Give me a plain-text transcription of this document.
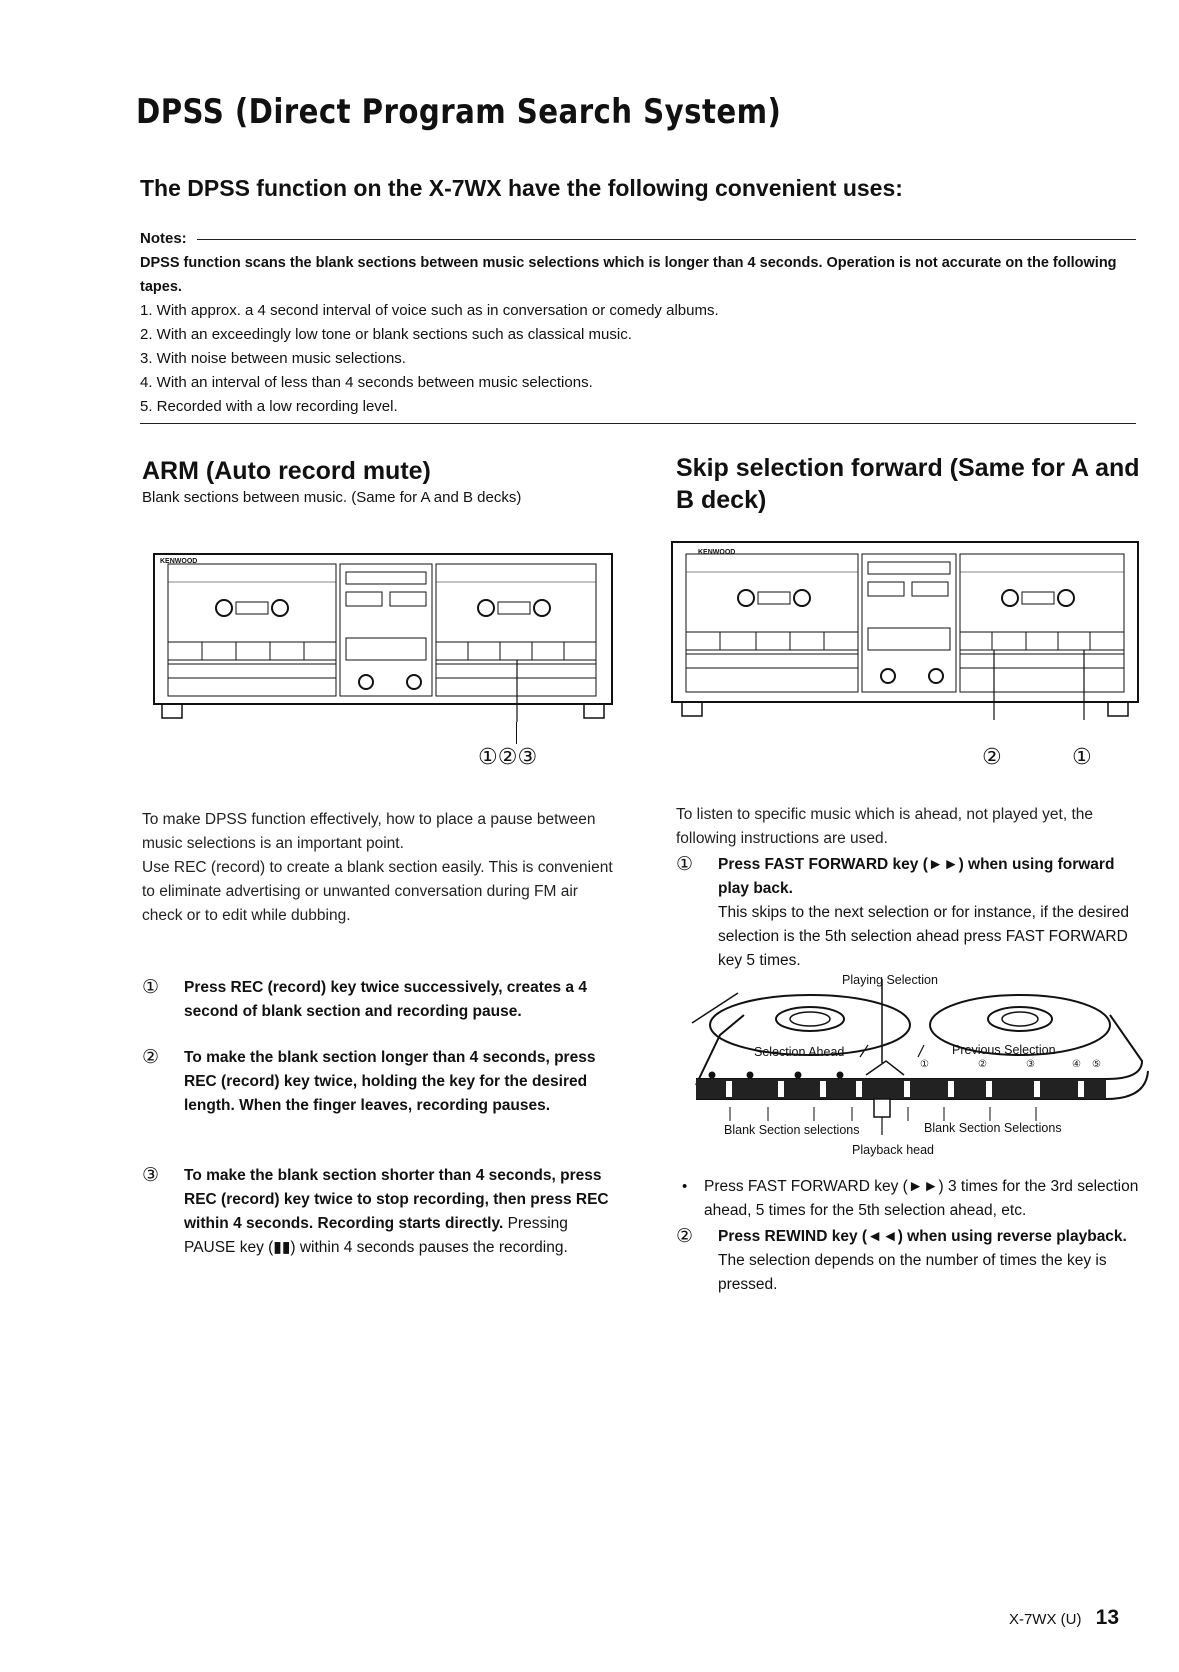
DPSS (Direct Program Search System)
The DPSS function on the X-7WX have the following convenient uses:
Notes:
DPSS function scans the blank sections between music selections which is longer than 4 seconds. Operation is not accurate on the following tapes.
1. With approx. a 4 second interval of voice such as in conversation or comedy albums.
2. With an exceedingly low tone or blank sections such as classical music.
3. With noise between music selections.
4. With an interval of less than 4 seconds between music selections.
5. Recorded with a low recording level.
ARM (Auto record mute)
Blank sections between music. (Same for A and B decks)
Skip selection forward (Same for A and B deck)
KENWOOD
①②③
KENWOOD
②	①

To make DPSS function effectively, how to place a pause between music selections is an important point.

Use REC (record) to create a blank section easily. This is convenient to eliminate advertising or unwanted conversation during FM air check or to edit while dubbing.

① Press REC (record) key twice successively, creates a 4 second of blank section and recording pause.
② To make the blank section longer than 4 seconds, press REC (record) key twice, holding the key for the desired length. When the finger leaves, recording pauses.
③ To make the blank section shorter than 4 seconds, press REC (record) key twice to stop recording, then press REC within 4 seconds. Recording starts directly. Pressing PAUSE key (▮▮) within 4 seconds pauses the recording.

To listen to specific music which is ahead, not played yet, the following instructions are used.

① Press FAST FORWARD key (►►) when using forward play back.
This skips to the next selection or for instance, if the desired selection is the 5th selection ahead press FAST FORWARD key 5 times.
Playing Selection
Selection Ahead	Previous Selection
①	②	③	④ ⑤
Blank Section selections	Blank Section Selections
Playback head
• Press FAST FORWARD key (►►) 3 times for the 3rd selection ahead, 5 times for the 5th selection ahead, etc.
② Press REWIND key (◄◄) when using reverse playback.
The selection depends on the number of times the key is pressed.
X-7WX (U) 13
